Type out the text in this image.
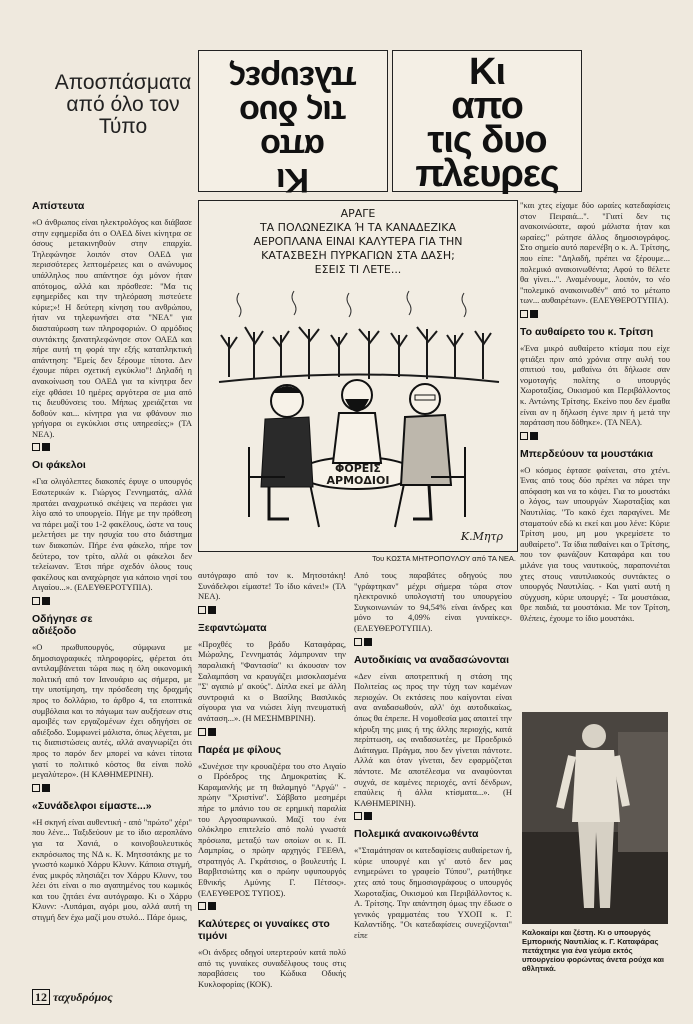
Αποσπάσματα από όλο τον Τύπο
Κι
απο
τις δυο
πλευρες	Κι
απο
τις δυο
πλευρες
Απίστευτα
«Ο άνθρωπος είναι ηλεκτρολόγος και διάβασε στην εφημερίδα ότι ο ΟΑΕΔ δίνει κίνητρα σε όσους μετακινηθούν στην επαρχία. Τηλεφώνησε λοιπόν στον ΟΑΕΔ για περισσότερες λεπτομέρειες και ο ανώνυμος υπάλληλος που απάντησε όχι μόνον ήταν απότομος, αλλά και πρόσθεσε: "Μα τις εφημερίδες και την τηλεόραση πιστεύετε κύριε;»! Η δεύτερη κίνηση του ανθρώπου, ήταν να τηλεφωνήσει στα "ΝΕΑ" για διασταύρωση των πληροφοριών. Ο αρμόδιος συντάκτης ξανατηλεφώνησε στον ΟΑΕΔ και πήρε αυτή τη φορά την εξής καταπληκτική απάντηση: "Εμείς δεν ξέρουμε τίποτα. Δεν έχουμε πάρει σχετική εγκύκλιο"! Δηλαδή η ανακοίνωση του ΟΑΕΔ για τα κίνητρα δεν είχε φθάσει 10 ημέρες αργότερα σε μια από τις διευθύνσεις του. Μήπως χρειάζεται να δοθούν και... κίνητρα για να φθάνουν πιο γρήγορα οι εγκύκλιοι στις υπηρεσίες;» (ΤΑ ΝΕΑ).
Οι φάκελοι
«Για ολιγόλεπτες διακοπές έφυγε ο υπουργός Εσωτερικών κ. Γιώργος Γεννηματάς, αλλά πρατάει αναχρωτικό σκέψεις να περάσει για λίγο από το υπουργείο. Πήγε με την πρόθεση να πάρει μαζί του 1-2 φακέλους, ώστε να τους μελετήσει με την ησυχία του στο διάστημα των διακοπών. Πήρε ένα φάκελο, πήρε τον δεύτερο, τον τρίτο, αλλά οι φάκελοι δεν τελείωναν. Έτσι πήρε σχεδόν όλους τους φακέλους και αναχώρησε για κάποιο νησί του Αιγαίου...». (ΕΛΕΥΘΕΡΟΤΥΠΙΑ).
Οδήγησε σε αδιέξοδο
«Ο πρωθυπουργός, σύμφωνα με δημοσιογραφικές πληροφορίες, φέρεται ότι αντιλαμβάνεται τώρα πως η όλη οικονομική πολιτική από τον Ιανουάριο ως σήμερα, με την υποτίμηση, την πρόσδεση της δραχμής προς το δολλάριο, το άρθρο 4, τα εποπτικά συμβόλαια και το πάγωμα των αυξήσεων στις αμοιβές των εργαζομένων έχει οδηγήσει σε αδιέξοδο. Συμφωνεί μάλιστα, όπως λέγεται, με τις διαπιστώσεις αυτές, αλλά αναγνωρίζει ότι προς το παρόν δεν μπορεί να κάνει τίποτα γιατί το πολιτικό κόστος θα είναι πολύ μεγαλύτερο». (Η ΚΑΘΗΜΕΡΙΝΗ).
«Συνάδελφοι είμαστε...»
«Η σκηνή είναι αυθεντική - από "πρώτο" χέρι" που λένε... Ταξιδεύουν με το ίδιο αεροπλάνο για τα Χανιά, ο κοινοβουλευτικός εκπρόσωπος της ΝΔ κ. Κ. Μητσοτάκης με το γνωστό κωμικό Χάρρυ Κλυνν. Κάποια στιγμή, ένας μικρός πλησιάζει τον Χάρρυ Κλυνν, του λέει ότι είναι ο πιο αγαπημένος του κωμικός και του ζητάει ένα αυτόγραφο. Κι ο Χάρρυ Κλυνν: -Λυπάμαι, αγόρι μου, αλλά αυτή τη στιγμή δεν έχω μαζί μου στυλό... Πάρε όμως,
ΑΡΑΓΕ
ΤΑ ΠΟΛΩΝΕΖΙΚΑ Ή ΤΑ ΚΑΝΑΔΕΖΙΚΑ
ΑΕΡΟΠΛΑΝΑ ΕΙΝΑΙ ΚΑΛΥΤΕΡΑ ΓΙΑ ΤΗΝ
ΚΑΤΑΣΒΕΣΗ ΠΥΡΚΑΓΙΩΝ ΣΤΑ ΔΑΣΗ;
ΕΣΕΙΣ ΤΙ ΛΕΤΕ...
ΦΟΡΕΙΣ
ΑΡΜΟΔΙΟΙ
Κ.Μητρ
Του ΚΩΣΤΑ ΜΗΤΡΟΠΟΥΛΟΥ από ΤΑ ΝΕΑ.
αυτόγραφο από τον κ. Μητσοτάκη! Συνάδελφοι είμαστε! Το ίδιο κάνει!» (ΤΑ ΝΕΑ).
Ξεφαντώματα
«Προχθές το βράδυ Καταφάρας, Μώραλης, Γεννηματάς λάμπρυναν την παραλιακή "Φαντασία" κι άκουσαν τον Σαλαμπάση να κραυγάζει μισοκλασμένα "Σ' αγαπώ μ' ακούς". Δίπλα εκεί με άλλη συντροφιά κι ο Βασίλης Βασιλικός σίγουρα για να νιώσει λίγη πνευματική ανάταση...». (Η ΜΕΣΗΜΒΡΙΝΗ).
Παρέα με φίλους
«Συνέχισε την κρουαζιέρα του στο Αιγαίο ο Πρόεδρος της Δημοκρατίας Κ. Καραμανλής με τη θαλαμηγό "Αργώ" - πρώην "Χριστίνα". Σάββατο μεσημέρι πήρε το μπάνιο του σε ερημική παραλία του Αργοσαρωνικού. Μαζί του ένα ολόκληρο επιτελείο από πολύ γνωστά πρόσωπα, μεταξύ των οποίων οι κ. Π. Λαμπρίας, ο πρώην αρχηγός ΓΕΕΘΑ, στρατηγός Α. Γκράτσιος, ο βουλευτής Ι. Βαρβιτσιώτης και ο πρώην υφυπουργός Εθνικής Αμύνης Γ. Πέτσος». (ΕΛΕΥΘΕΡΟΣ ΤΥΠΟΣ).
Καλύτερες οι γυναίκες στο τιμόνι
«Οι άνδρες οδηγοί υπερτερούν κατά πολύ από τις γυναίκες συναδέλφους τους στις παραβάσεις του Κώδικα Οδικής Κυκλοφορίας (ΚΟΚ).
Από τους παραβάτες οδηγούς που "γράφτηκαν" μέχρι σήμερα τώρα στον ηλεκτρονικό υπολογιστή του υπουργείου Συγκοινωνιών το 94,54% είναι άνδρες και μόνο το 4,09% είναι γυναίκες». (ΕΛΕΥΘΕΡΟΤΥΠΙΑ).
Αυτοδικίαις να αναδασώνονται
«Δεν είναι αποτρεπτική η στάση της Πολιτείας ως προς την τύχη των καμένων περιοχών. Οι εκτάσεις που καίγονται είναι ανα αναδασωθούν, αλλ' όχι αυτοδικαίως, όπως θα έπρεπε. Η νομοθεσία μας απαιτεί την κήρυξη της μιας ή της άλλης περιοχής, κατά περίπτωση, ως αναδασωτέες, με Προεδρικό Διάταγμα. Πράγμα, που δεν γίνεται πάντοτε. Αλλά και όταν γίνεται, δεν εφαρμόζεται πάντοτε. Με αποτέλεσμα να αναφύονται συχνά, σε καμένες περιοχές, αντί δένδρων, επαύλεις ή άλλα κτίσματα...». (Η ΚΑΘΗΜΕΡΙΝΗ).
Πολεμικά ανακοινωθέντα
«"Σταμάτησαν οι κατεδαφίσεις αυθαίρετων ή, κύριε υπουργέ και γι' αυτό δεν μας ενημερώνει το γραφείο Τύπου", ρωτήθηκε χτες από τους δημοσιογράφους ο υπουργός Χωροταξίας, Οικισμού και Περιβάλλοντος κ. Α. Τρίτσης. Την απάντηση όμως την έδωσε ο γενικός γραμματέας του ΥΧΟΠ κ. Γ. Καλαντίδης. "Οι κατεδαφίσεις συνεχίζονται" είπε
"και χτες είχαμε δύο ωραίες κατεδαφίσεις στον Πειραιά...". "Γιατί δεν τις ανακοινώσατε, αφού μάλιστα ήταν και ωραίες;" ρώτησε άλλος δημοσιογράφος. Στο σημείο αυτό παρενέβη ο κ. Α. Τρίτσης, που είπε: "Δηλαδή, πρέπει να ξέρουμε... πολεμικό ανακοινωθέντα; Αφού το θέλετε θα γίνει...". Αναμένουμε, λοιπόν, το νέο "πολεμικό ανακοινωθέν" από το μέτωπο των... αυθαιρέτων». (ΕΛΕΥΘΕΡΟΤΥΠΙΑ).
Το αυθαίρετο του κ. Τρίτση
«Ένα μικρό αυθαίρετο κτίσμα που είχε φτιάξει πριν από χρόνια στην αυλή του σπιτιού του, μαθαίνω ότι δήλωσε σαν νομοταγής πολίτης ο υπουργός Χωροταξίας, Οικισμού και Περιβάλλοντος κ. Αντώνης Τρίτσης. Εκείνο που δεν έμαθα είναι αν η δήλωση έγινε πριν ή μετά την παράταση που δόθηκε». (ΤΑ ΝΕΑ).
Μπερδεύουν τα μουστάκια
«Ο κόσμος έφτασε φαίνεται, στο χτένι. Ένας από τους δύο πρέπει να πάρει την απόφαση και να το κόψει. Για το μουστάκι ο λόγος, των υπουργών Χωροταξίας και Ναυτιλίας. "Το κακό έχει παραγίνει. Με σταματούν εδώ κι εκεί και μου λένε: Κύριε Τρίτση μου, μη μου γκρεμίσετε το αυθαίρετο". Τα ίδια παθαίνει και ο Τρίτσης, που τον φωνάζουν Καταφάρα και του μιλάνε για τους ναυτικούς, παραπονιέται χτες στους ναυτιλιακούς συντάκτες ο υπουργός Ναυτιλίας. - Και γιατί αυτή η σύγχυση, κύριε υπουργέ; - Τα μουστάκια, θρε παιδιά, τα μουστάκια. Με τον Τρίτση, θλέπεις, έχουμε το ίδιο μουστάκι.
Καλοκαίρι και ζέστη. Κι ο υπουργός Εμπορικής Ναυτιλίας κ. Γ. Καταφάρας πετάχτηκε για ένα γεύμα εκτός υπουργείου φορώντας άνετα ρούχα και αθλητικά.
12 ταχυδρόμος
